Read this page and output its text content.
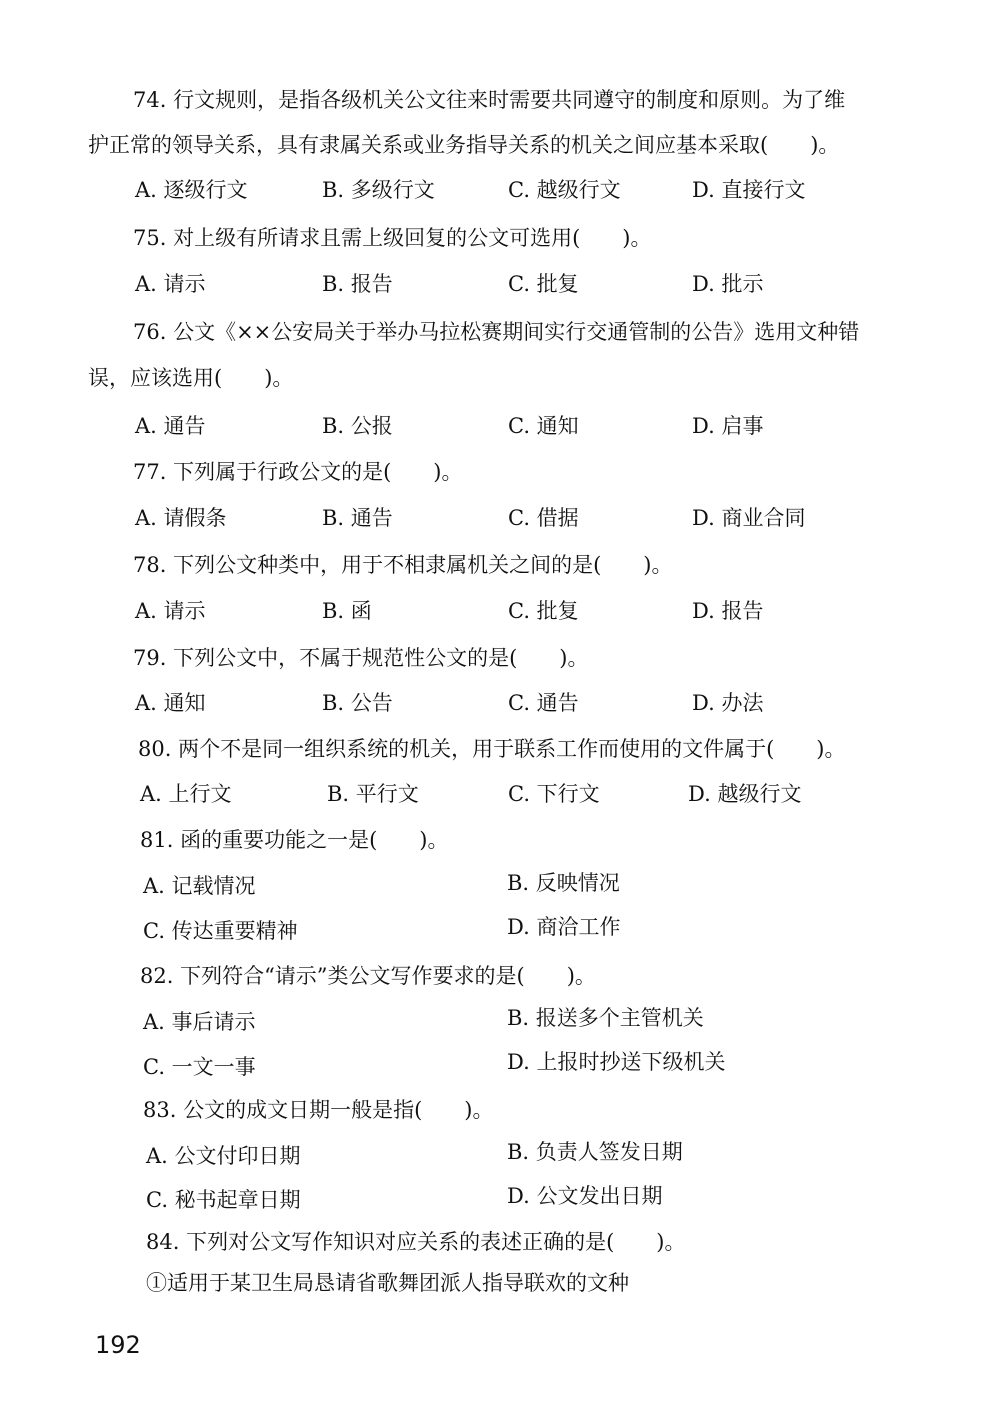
74. 行文规则，是指各级机关公文往来时需要共同遵守的制度和原则。为了维
护正常的领导关系，具有隶属关系或业务指导关系的机关之间应基本采取(　　)。
A. 逐级行文	B. 多级行文	C. 越级行文	D. 直接行文
75. 对上级有所请求且需上级回复的公文可选用(　　)。
A. 请示	B. 报告	C. 批复	D. 批示
76. 公文《××公安局关于举办马拉松赛期间实行交通管制的公告》选用文种错
误，应该选用(　　)。
A. 通告	B. 公报	C. 通知	D. 启事
77. 下列属于行政公文的是(　　)。
A. 请假条	B. 通告	C. 借据	D. 商业合同
78. 下列公文种类中，用于不相隶属机关之间的是(　　)。
A. 请示	B. 函	C. 批复	D. 报告
79. 下列公文中，不属于规范性公文的是(　　)。
A. 通知	B. 公告	C. 通告	D. 办法
80. 两个不是同一组织系统的机关，用于联系工作而使用的文件属于(　　)。
A. 上行文	B. 平行文	C. 下行文	D. 越级行文
81. 函的重要功能之一是(　　)。
A. 记载情况	B. 反映情况
C. 传达重要精神	D. 商洽工作
82. 下列符合“请示”类公文写作要求的是(　　)。
A. 事后请示	B. 报送多个主管机关
C. 一文一事	D. 上报时抄送下级机关
83. 公文的成文日期一般是指(　　)。
A. 公文付印日期	B. 负责人签发日期
C. 秘书起章日期	D. 公文发出日期
84. 下列对公文写作知识对应关系的表述正确的是(　　)。
①适用于某卫生局恳请省歌舞团派人指导联欢的文种
192
